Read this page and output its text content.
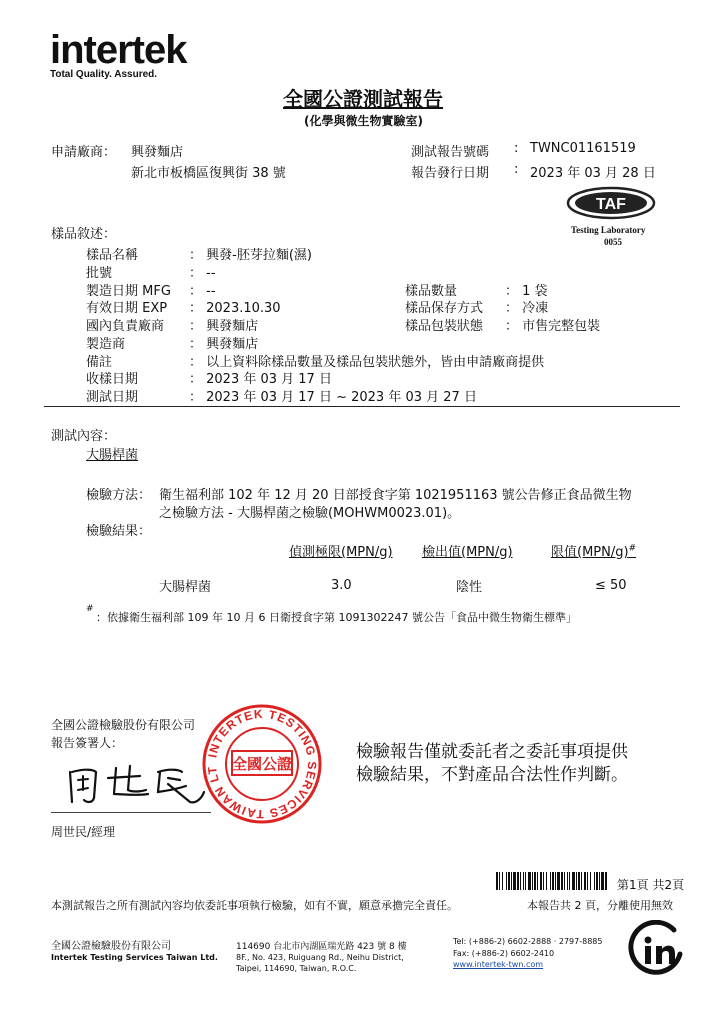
intertek
Total Quality. Assured.
全國公證測試報告
(化學與微生物實驗室)
申請廠商： 興發麵店
新北市板橋區復興街 38 號
測試報告號碼 : TWNC01161519
報告發行日期 : 2023 年 03 月 28 日
TAF
Testing Laboratory
0055
樣品敘述：
樣品名稱	： 興發-胚芽拉麵(濕)
批號	： --
製造日期 MFG ： --
有效日期 EXP ： 2023.10.30
國內負責廠商 ： 興發麵店
製造商	： 興發麵店
備註	： 以上資料除樣品數量及樣品包裝狀態外，皆由申請廠商提供
收樣日期	： 2023 年 03 月 17 日
測試日期	： 2023 年 03 月 17 日 ~ 2023 年 03 月 27 日
樣品數量	： 1 袋
樣品保存方式 ： 冷凍
樣品包裝狀態 ： 市售完整包裝
測試內容：
大腸桿菌
檢驗方法： 衛生福利部 102 年 12 月 20 日部授食字第 1021951163 號公告修正食品微生物
之檢驗方法 - 大腸桿菌之檢驗(MOHWM0023.01)。
檢驗結果：
偵測極限(MPN/g) 檢出值(MPN/g)	限值(MPN/g)#
大腸桿菌	3.0	陰性	≤ 50
#
：依據衛生福利部 109 年 10 月 6 日衛授食字第 1091302247 號公告「食品中微生物衛生標準」
全國公證檢驗股份有限公司
報告簽署人：
周世民/經理
INTERTEK TESTING SERVICES TAIWAN LT 全國公證
檢驗報告僅就委託者之委託事項提供
檢驗結果，不對產品合法性作判斷。
第1頁 共2頁
本測試報告之所有測試內容均依委託事項執行檢驗，如有不實，願意承擔完全責任。	本報告共 2 頁，分離使用無效
全國公證檢驗股份有限公司
Intertek Testing Services Taiwan Ltd.
114690 台北市內湖區瑞光路 423 號 8 樓
8F., No. 423, Ruiguang Rd., Neihu District,
Taipei, 114690, Taiwan, R.O.C.
Tel: (+886-2) 6602-2888 · 2797-8885
Fax: (+886-2) 6602-2410
www.intertek-twn.com
